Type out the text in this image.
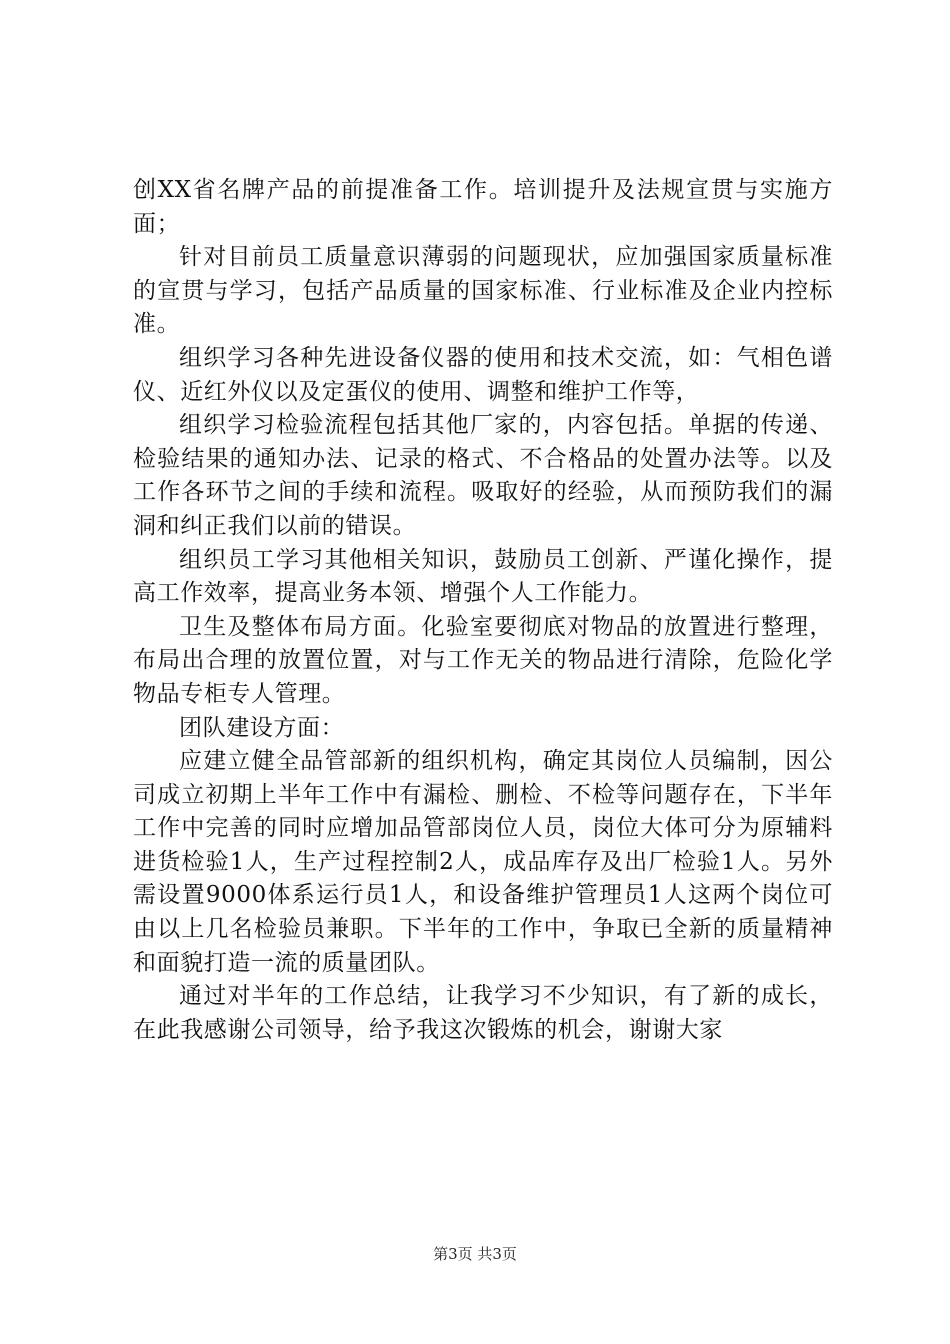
创XX省名牌产品的前提准备工作。培训提升及法规宣贯与实施方面；

针对目前员工质量意识薄弱的问题现状，应加强国家质量标准的宣贯与学习，包括产品质量的国家标准、行业标准及企业内控标准。

组织学习各种先进设备仪器的使用和技术交流，如：气相色谱仪、近红外仪以及定蛋仪的使用、调整和维护工作等，

组织学习检验流程包括其他厂家的，内容包括。单据的传递、检验结果的通知办法、记录的格式、不合格品的处置办法等。以及工作各环节之间的手续和流程。吸取好的经验，从而预防我们的漏洞和纠正我们以前的错误。

组织员工学习其他相关知识，鼓励员工创新、严谨化操作，提高工作效率，提高业务本领、增强个人工作能力。

卫生及整体布局方面。化验室要彻底对物品的放置进行整理，布局出合理的放置位置，对与工作无关的物品进行清除，危险化学物品专柜专人管理。

团队建设方面：

应建立健全品管部新的组织机构，确定其岗位人员编制，因公司成立初期上半年工作中有漏检、删检、不检等问题存在，下半年工作中完善的同时应增加品管部岗位人员，岗位大体可分为原辅料进货检验1人，生产过程控制2人，成品库存及出厂检验1人。另外需设置9000体系运行员1人，和设备维护管理员1人这两个岗位可由以上几名检验员兼职。下半年的工作中，争取已全新的质量精神和面貌打造一流的质量团队。

通过对半年的工作总结，让我学习不少知识，有了新的成长，在此我感谢公司领导，给予我这次锻炼的机会，谢谢大家

第3页 共3页
